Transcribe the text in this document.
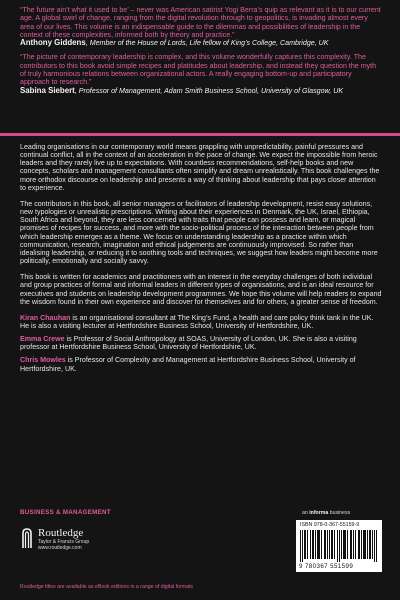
“The future ain’t what it used to be’ – never was American satirist Yogi Berra’s quip as relevant as it is to our current age. A global swirl of change, ranging from the digital revolution through to geopolitics, is invading almost every area of our lives. This volume is an indispensable guide to the dilemmas and possibilities of leadership in the context of these complexities, informed both by theory and practice.”

Anthony Giddens, Member of the House of Lords, Life fellow of King’s College, Cambridge, UK

“The picture of contemporary leadership is complex, and this volume wonderfully captures this complexity. The contributors to this book avoid simple recipes and platitudes about leadership, and instead they question the myth of truly harmonious relations between organizational actors. A really engaging bottom-up and participatory approach to research.”

Sabina Siebert, Professor of Management, Adam Smith Business School, University of Glasgow, UK

Leading organisations in our contemporary world means grappling with unpredictability, painful pressures and continual conflict, all in the context of an acceleration in the pace of change. We expect the impossible from heroic leaders and they rarely live up to expectations. With countless recommendations, self-help books and new concepts, scholars and management consultants often simplify and dream unrealistically. This book challenges the more orthodox discourse on leadership and presents a way of thinking about leadership that pays closer attention to experience.

The contributors in this book, all senior managers or facilitators of leadership development, resist easy solutions, new typologies or unrealistic prescriptions. Writing about their experiences in Denmark, the UK, Israel, Ethiopia, South Africa and beyond, they are less concerned with traits that people can possess and learn, or magical promises of recipes for success, and more with the socio-political process of the interaction between people from which leadership emerges as a theme. We focus on understanding leadership as a practice within which communication, research, imagination and ethical judgements are continuously improvised. So rather than idealising leadership, or reducing it to soothing tools and techniques, we suggest how leaders might become more politically, emotionally and socially savvy.

This book is written for academics and practitioners with an interest in the everyday challenges of both individual and group practices of formal and informal leaders in different types of organisations, and is an ideal resource for executives and students on leadership development programmes. We hope this volume will help readers to expand the wisdom found in their own experience and discover for themselves and for others, a greater sense of freedom.

Kiran Chauhan is an organisational consultant at The King’s Fund, a health and care policy think tank in the UK. He is also a visiting lecturer at Hertfordshire Business School, University of Hertfordshire, UK.

Emma Crewe is Professor of Social Anthropology at SOAS, University of London, UK. She is also a visiting professor at Hertfordshire Business School, University of Hertfordshire, UK.

Chris Mowles is Professor of Complexity and Management at Hertfordshire Business School, University of Hertfordshire, UK.

BUSINESS & MANAGEMENT
Routledge
Taylor & Francis Group
www.routledge.com
an informa business
ISBN 978-0-367-55159-9
9 780367 551599
Routledge titles are available as eBook editions in a range of digital formats
